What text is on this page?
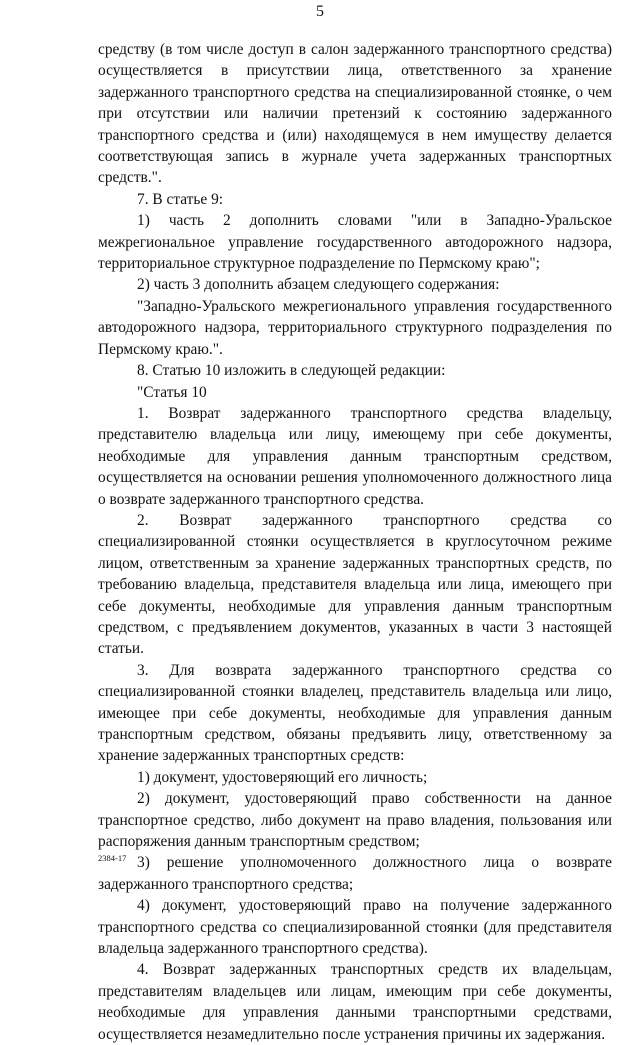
5

средству (в том числе доступ в салон задержанного транспортного средства) осуществляется в присутствии лица, ответственного за хранение задержанного транспортного средства на специализированной стоянке, о чем при отсутствии или наличии претензий к состоянию задержанного транспортного средства и (или) находящемуся в нем имуществу делается соответствующая запись в журнале учета задержанных транспортных средств.".

7. В статье 9:

1) часть 2 дополнить словами "или в Западно-Уральское межрегиональное управление государственного автодорожного надзора, территориальное структурное подразделение по Пермскому краю";

2) часть 3 дополнить абзацем следующего содержания:

"Западно-Уральского межрегионального управления государственного автодорожного надзора, территориального структурного подразделения по Пермскому краю.".

8. Статью 10 изложить в следующей редакции:

"Статья 10

1. Возврат задержанного транспортного средства владельцу, представителю владельца или лицу, имеющему при себе документы, необходимые для управления данным транспортным средством, осуществляется на основании решения уполномоченного должностного лица о возврате задержанного транспортного средства.

2. Возврат задержанного транспортного средства со специализированной стоянки осуществляется в круглосуточном режиме лицом, ответственным за хранение задержанных транспортных средств, по требованию владельца, представителя владельца или лица, имеющего при себе документы, необходимые для управления данным транспортным средством, с предъявлением документов, указанных в части 3 настоящей статьи.

3. Для возврата задержанного транспортного средства со специализированной стоянки владелец, представитель владельца или лицо, имеющее при себе документы, необходимые для управления данным транспортным средством, обязаны предъявить лицу, ответственному за хранение задержанных транспортных средств:

1) документ, удостоверяющий его личность;

2) документ, удостоверяющий право собственности на данное транспортное средство, либо документ на право владения, пользования или распоряжения данным транспортным средством;

3) решение уполномоченного должностного лица о возврате задержанного транспортного средства;

4) документ, удостоверяющий право на получение задержанного транспортного средства со специализированной стоянки (для представителя владельца задержанного транспортного средства).

4. Возврат задержанных транспортных средств их владельцам, представителям владельцев или лицам, имеющим при себе документы, необходимые для управления данными транспортными средствами, осуществляется незамедлительно после устранения причины их задержания.

2384-17
